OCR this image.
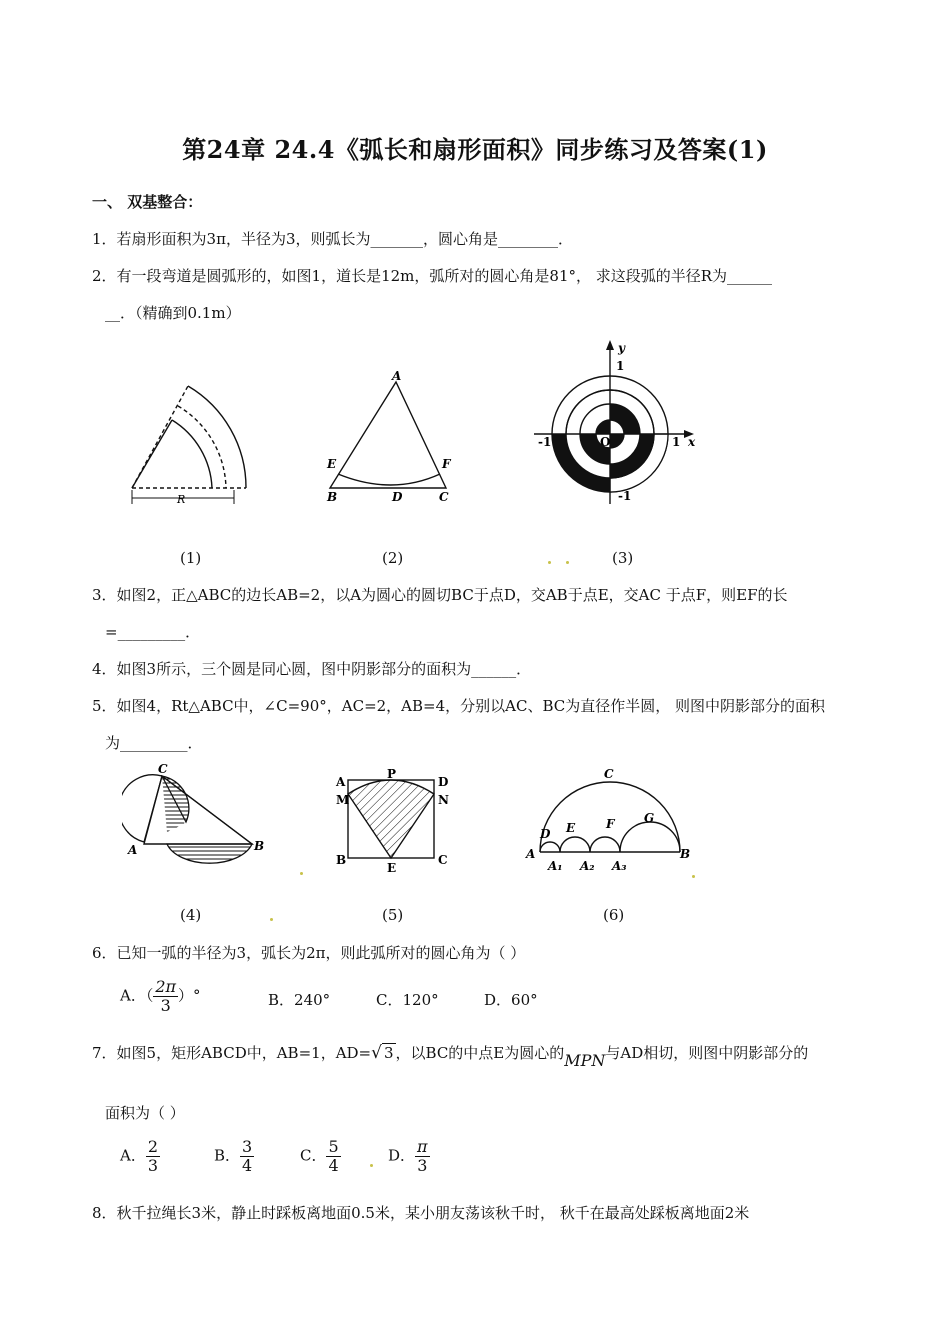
第24章 24.4《弧长和扇形面积》同步练习及答案(1)
一、 双基整合：
1．若扇形面积为3π，半径为3，则弧长为_______，圆心角是________．
2．有一段弯道是圆弧形的，如图1，道长是12m，弧所对的圆心角是81°， 求这段弧的半径R为______
__．（精确到0.1m）
R
A
E	F
B	D	C
y
1
-1	O	1 x
-1
(1)	(2)	(3)
3．如图2，正△ABC的边长AB=2，以A为圆心的圆切BC于点D，交AB于点E，交AC 于点F，则EF的长
=_________．
4．如图3所示，三个圆是同心圆，图中阴影部分的面积为______．
5．如图4，Rt△ABC中，∠C=90°，AC=2，AB=4，分别以AC、BC为直径作半圆， 则图中阴影部分的面积
为_________．
C
A	B
A
P
D
M	N
B
E
C
C
D E	F G
A
A₁ A₂ A₃
B
(4)	(5)	(6)
6．已知一弧的半径为3，弧长为2π，则此弧所对的圆心角为（ ）
A．（ $\frac{2\pi}{3}$ ）°	B．240°	C．120°	D．60°
7．如图5，矩形ABCD中，AB=1，AD=√ 3 ，以BC的中点E为圆心的MPN与AD相切，则图中阴影部分的
面积为（ ）
A． $\frac{2}{3}$	B． $\frac{3}{4}$	C． $\frac{5}{4}$	D． $\frac{\pi}{3}$
8．秋千拉绳长3米，静止时踩板离地面0.5米，某小朋友荡该秋千时， 秋千在最高处踩板离地面2米
